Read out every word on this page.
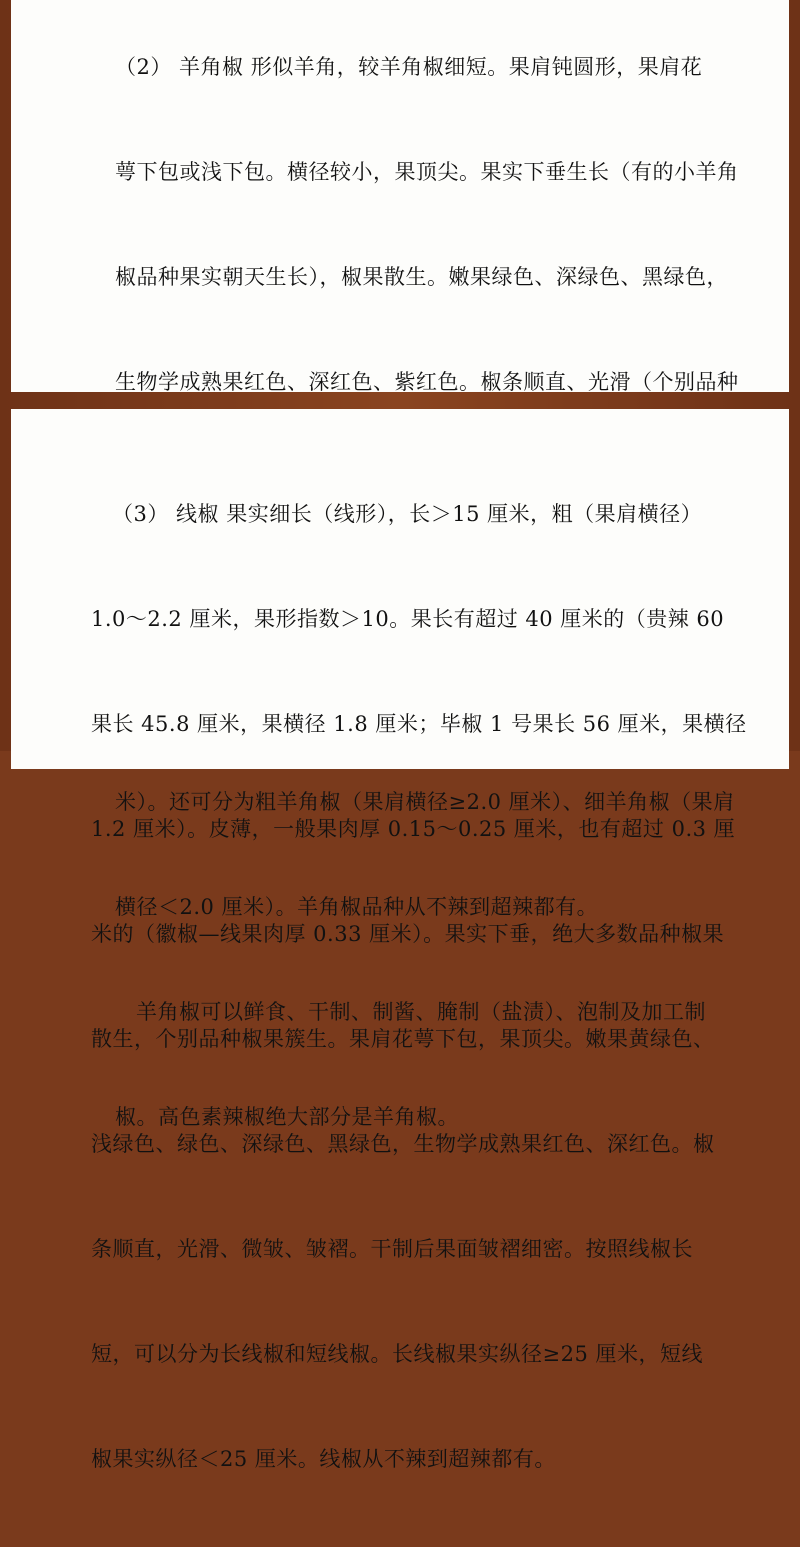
（2） 羊角椒 形似羊角，较羊角椒细短。果肩钝圆形，果肩花

萼下包或浅下包。横径较小，果顶尖。果实下垂生长（有的小羊角

椒品种果实朝天生长），椒果散生。嫩果绿色、深绿色、黑绿色，

生物学成熟果红色、深红色、紫红色。椒条顺直、光滑（个别品种

米）。还可分为粗羊角椒（果肩横径≥2.0 厘米）、细羊角椒（果肩

横径＜2.0 厘米）。羊角椒品种从不辣到超辣都有。

羊角椒可以鲜食、干制、制酱、腌制（盐渍）、泡制及加工制

椒。高色素辣椒绝大部分是羊角椒。

（3） 线椒 果实细长（线形），长＞15 厘米，粗（果肩横径）

1.0～2.2 厘米，果形指数＞10。果长有超过 40 厘米的（贵辣 60

果长 45.8 厘米，果横径 1.8 厘米；毕椒 1 号果长 56 厘米，果横径

1.2 厘米）。皮薄，一般果肉厚 0.15～0.25 厘米，也有超过 0.3 厘

米的（徽椒—线果肉厚 0.33 厘米）。果实下垂，绝大多数品种椒果

散生，个别品种椒果簇生。果肩花萼下包，果顶尖。嫩果黄绿色、

浅绿色、绿色、深绿色、黑绿色，生物学成熟果红色、深红色。椒

条顺直，光滑、微皱、皱褶。干制后果面皱褶细密。按照线椒长

短，可以分为长线椒和短线椒。长线椒果实纵径≥25 厘米，短线

椒果实纵径＜25 厘米。线椒从不辣到超辣都有。
